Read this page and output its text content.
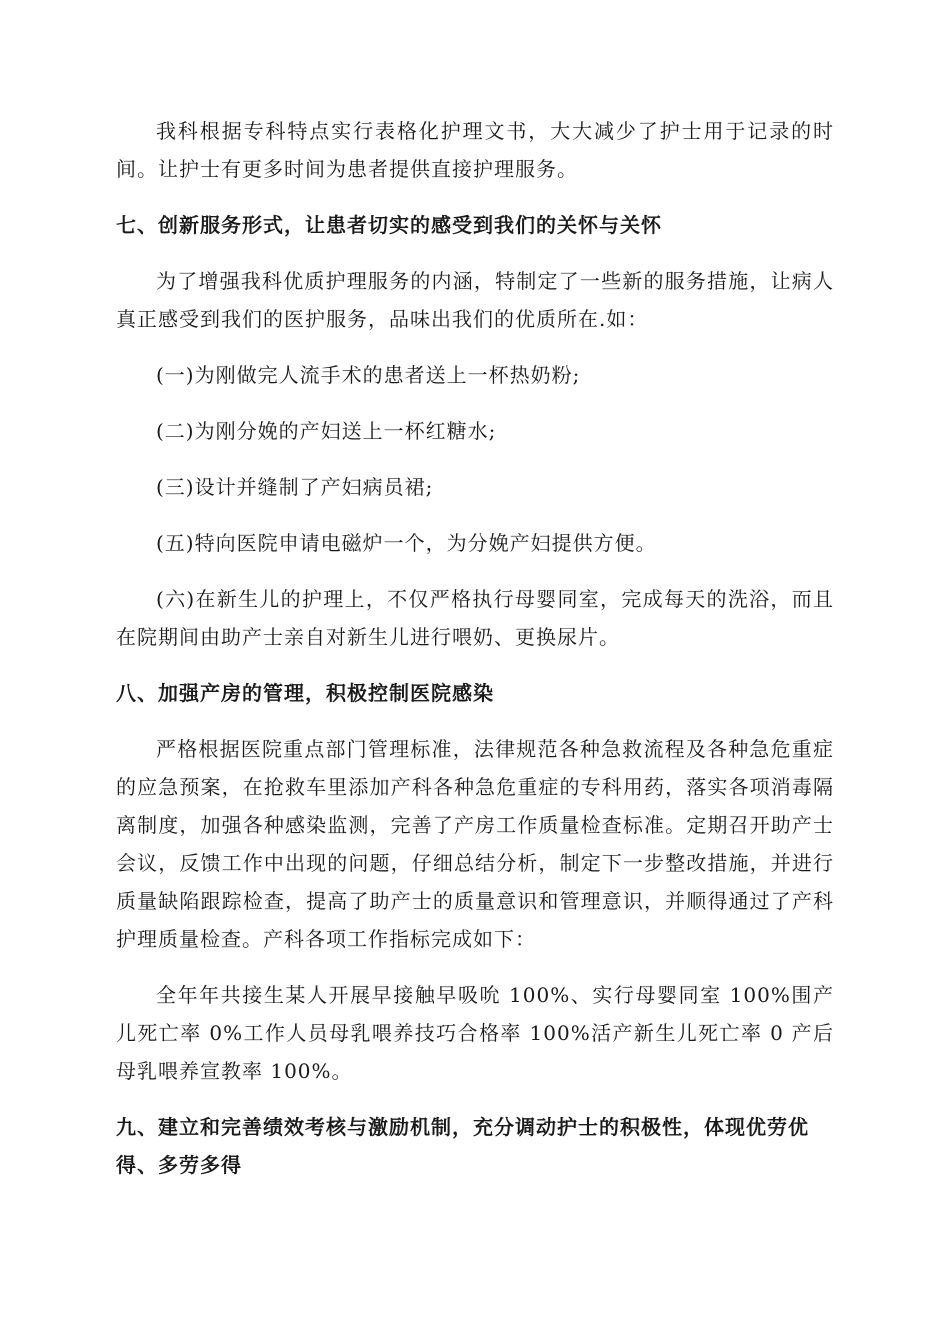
我科根据专科特点实行表格化护理文书，大大减少了护士用于记录的时间。让护士有更多时间为患者提供直接护理服务。

七、创新服务形式，让患者切实的感受到我们的关怀与关怀

为了增强我科优质护理服务的内涵，特制定了一些新的服务措施，让病人真正感受到我们的医护服务，品味出我们的优质所在.如：

(一)为刚做完人流手术的患者送上一杯热奶粉;

(二)为刚分娩的产妇送上一杯红糖水;

(三)设计并缝制了产妇病员裙;

(五)特向医院申请电磁炉一个，为分娩产妇提供方便。

(六)在新生儿的护理上，不仅严格执行母婴同室，完成每天的洗浴，而且在院期间由助产士亲自对新生儿进行喂奶、更换尿片。

八、加强产房的管理，积极控制医院感染

严格根据医院重点部门管理标准，法律规范各种急救流程及各种急危重症的应急预案，在抢救车里添加产科各种急危重症的专科用药，落实各项消毒隔离制度，加强各种感染监测，完善了产房工作质量检查标准。定期召开助产士会议，反馈工作中出现的问题，仔细总结分析，制定下一步整改措施，并进行质量缺陷跟踪检查，提高了助产士的质量意识和管理意识，并顺得通过了产科护理质量检查。产科各项工作指标完成如下：

全年年共接生某人开展早接触早吸吮 100%、实行母婴同室 100%围产儿死亡率 0%工作人员母乳喂养技巧合格率 100%活产新生儿死亡率 0 产后母乳喂养宣教率 100%。

九、建立和完善绩效考核与激励机制，充分调动护士的积极性，体现优劳优得、多劳多得
